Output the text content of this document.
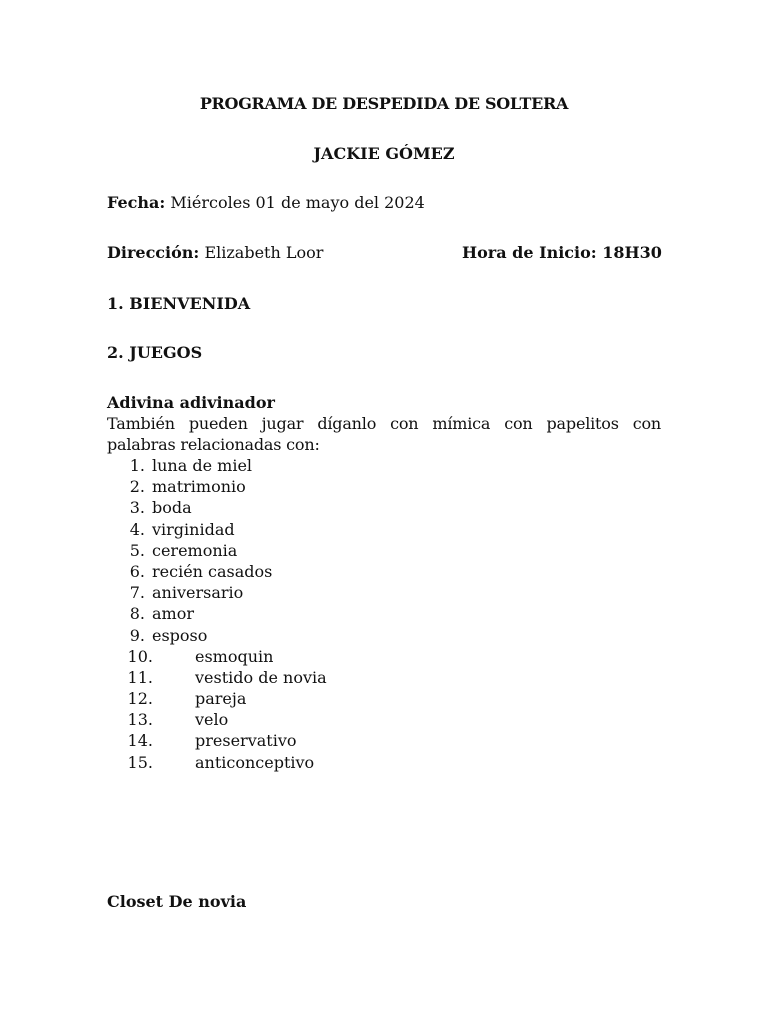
PROGRAMA DE DESPEDIDA DE SOLTERA
JACKIE GÓMEZ
Fecha: Miércoles 01 de mayo del 2024
Dirección: Elizabeth Loor	Hora de Inicio: 18H30
1. BIENVENIDA
2. JUEGOS
Adivina adivinador
También pueden jugar díganlo con mímica con papelitos con palabras relacionadas con:
1. luna de miel
2. matrimonio
3. boda
4. virginidad
5. ceremonia
6. recién casados
7. aniversario
8. amor
9. esposo
10.	esmoquin
11.	vestido de novia
12.	pareja
13.	velo
14.	preservativo
15.	anticonceptivo
Closet De novia
